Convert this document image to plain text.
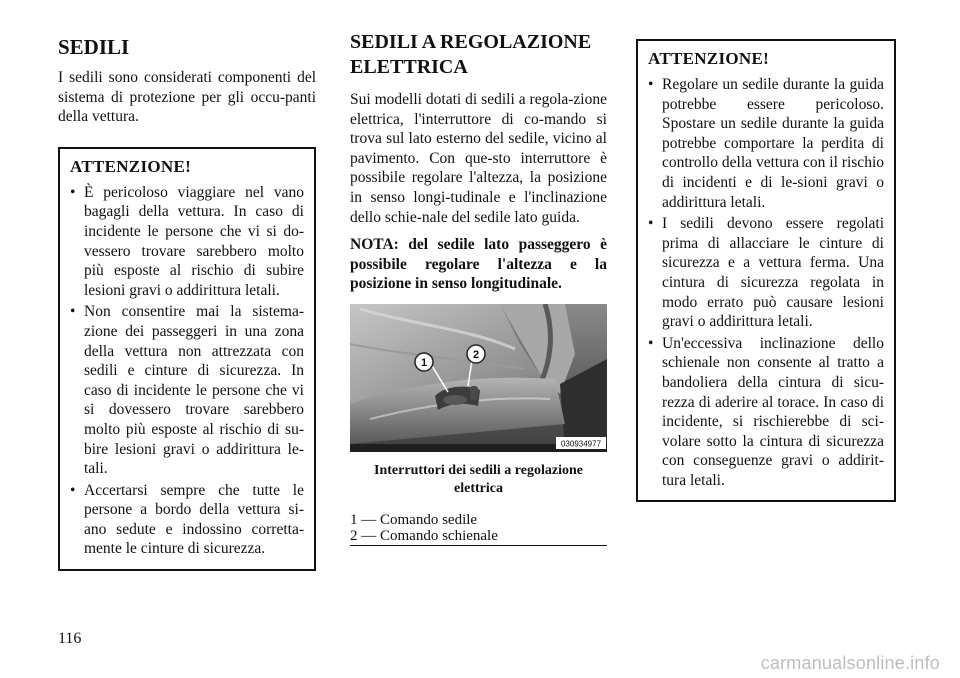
SEDILI

I sedili sono considerati componenti del sistema di protezione per gli occu-panti della vettura.

ATTENZIONE!
• È pericoloso viaggiare nel vano bagagli della vettura. In caso di incidente le persone che vi si do-vessero trovare sarebbero molto più esposte al rischio di subire lesioni gravi o addirittura letali.
• Non consentire mai la sistema-zione dei passeggeri in una zona della vettura non attrezzata con sedili e cinture di sicurezza. In caso di incidente le persone che vi si dovessero trovare sarebbero molto più esposte al rischio di su-bire lesioni gravi o addirittura le-tali.
• Accertarsi sempre che tutte le persone a bordo della vettura si-ano sedute e indossino corretta-mente le cinture di sicurezza.
SEDILI A REGOLAZIONE ELETTRICA

Sui modelli dotati di sedili a regola-zione elettrica, l'interruttore di co-mando si trova sul lato esterno del sedile, vicino al pavimento. Con que-sto interruttore è possibile regolare l'altezza, la posizione in senso longi-tudinale e l'inclinazione dello schie-nale del sedile lato guida.

NOTA: del sedile lato passeggero è possibile regolare l'altezza e la posizione in senso longitudinale.

1
2
030934977

Interruttori dei sedili a regolazione elettrica

1 — Comando sedile
2 — Comando schienale
ATTENZIONE!
• Regolare un sedile durante la guida potrebbe essere pericoloso. Spostare un sedile durante la guida potrebbe comportare la perdita di controllo della vettura con il rischio di incidenti e di le-sioni gravi o addirittura letali.
• I sedili devono essere regolati prima di allacciare le cinture di sicurezza e a vettura ferma. Una cintura di sicurezza regolata in modo errato può causare lesioni gravi o addirittura letali.
• Un'eccessiva inclinazione dello schienale non consente al tratto a bandoliera della cintura di sicu-rezza di aderire al torace. In caso di incidente, si rischierebbe di sci-volare sotto la cintura di sicurezza con conseguenze gravi o addirit-tura letali.
116
carmanualsonline.info
